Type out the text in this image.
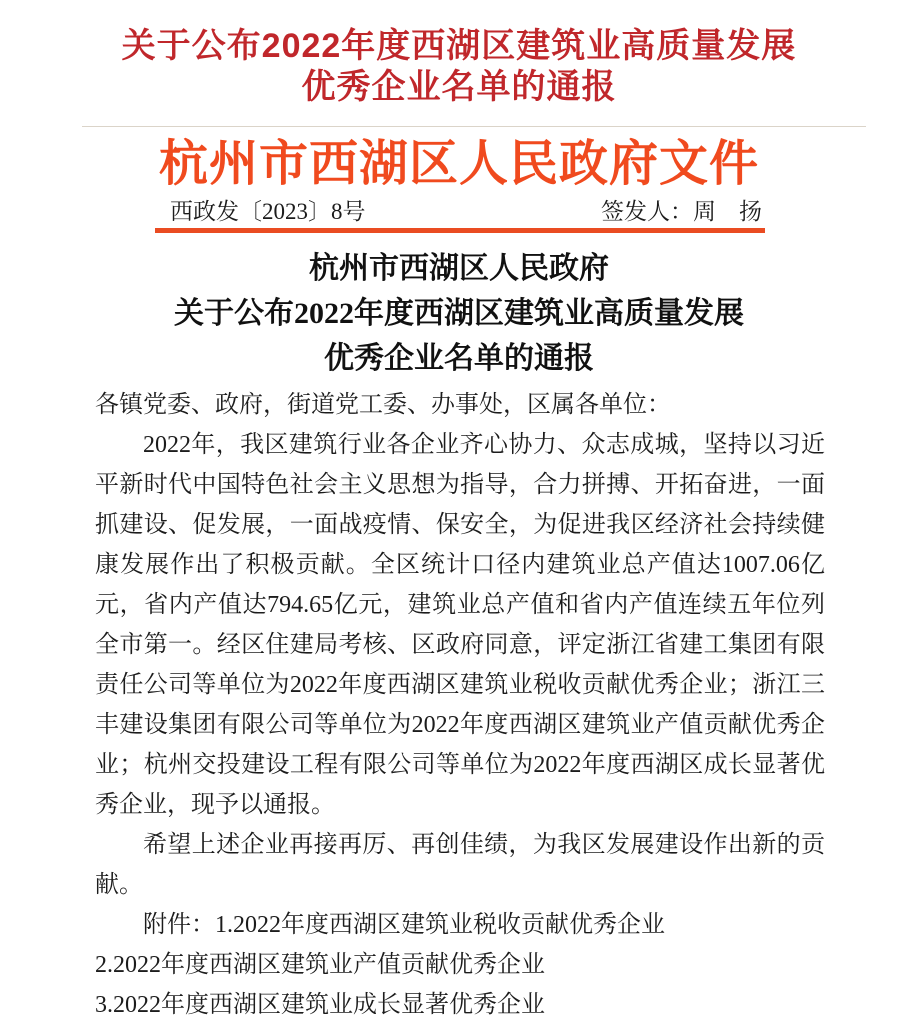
关于公布2022年度西湖区建筑业高质量发展
优秀企业名单的通报
杭州市西湖区人民政府文件
西政发〔2023〕8号	签发人：周　扬
杭州市西湖区人民政府
关于公布2022年度西湖区建筑业高质量发展
优秀企业名单的通报

各镇党委、政府，街道党工委、办事处，区属各单位：

2022年，我区建筑行业各企业齐心协力、众志成城，坚持以习近平新时代中国特色社会主义思想为指导，合力拼搏、开拓奋进，一面抓建设、促发展，一面战疫情、保安全，为促进我区经济社会持续健康发展作出了积极贡献。全区统计口径内建筑业总产值达1007.06亿元，省内产值达794.65亿元，建筑业总产值和省内产值连续五年位列全市第一。经区住建局考核、区政府同意，评定浙江省建工集团有限责任公司等单位为2022年度西湖区建筑业税收贡献优秀企业；浙江三丰建设集团有限公司等单位为2022年度西湖区建筑业产值贡献优秀企业；杭州交投建设工程有限公司等单位为2022年度西湖区成长显著优秀企业，现予以通报。

希望上述企业再接再厉、再创佳绩，为我区发展建设作出新的贡献。

附件：1.2022年度西湖区建筑业税收贡献优秀企业

2.2022年度西湖区建筑业产值贡献优秀企业

3.2022年度西湖区建筑业成长显著优秀企业
